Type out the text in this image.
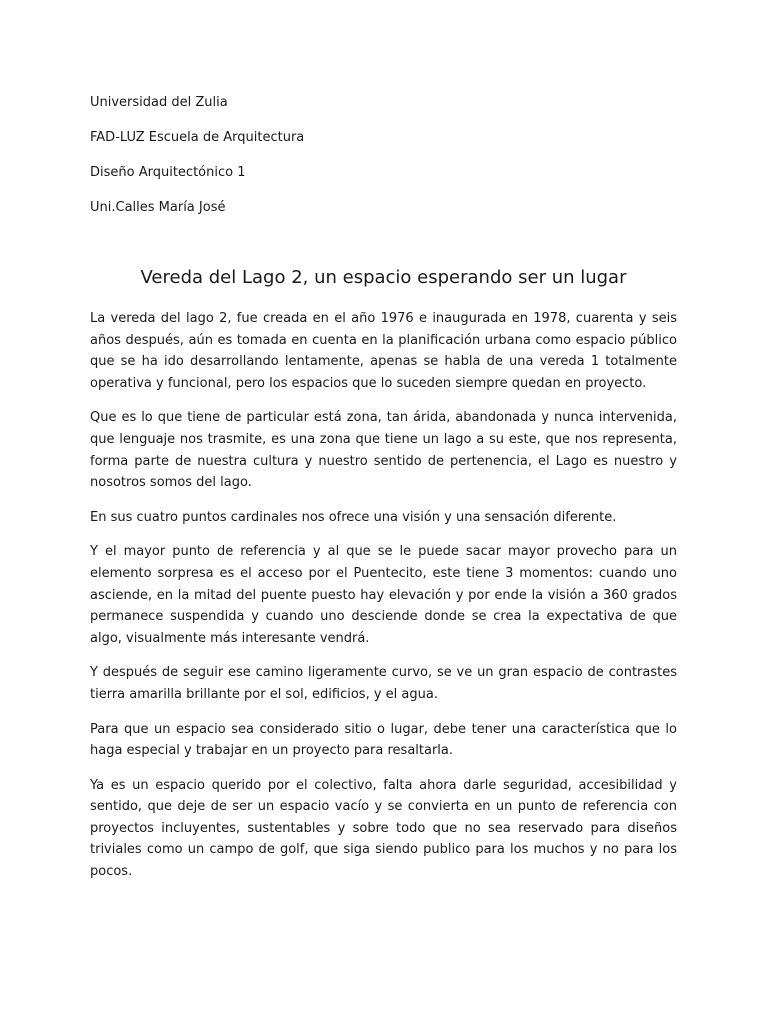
Universidad del Zulia
FAD-LUZ Escuela de Arquitectura
Diseño Arquitectónico 1
Uni.Calles María José
Vereda del Lago 2, un espacio esperando ser un lugar

La vereda del lago 2, fue creada en el año 1976 e inaugurada en 1978, cuarenta y seis años después, aún es tomada en cuenta en la planificación urbana como espacio público que se ha ido desarrollando lentamente, apenas se habla de una vereda 1 totalmente operativa y funcional, pero los espacios que lo suceden siempre quedan en proyecto.

Que es lo que tiene de particular está zona, tan árida, abandonada y nunca intervenida, que lenguaje nos trasmite, es una zona que tiene un lago a su este, que nos representa, forma parte de nuestra cultura y nuestro sentido de pertenencia, el Lago es nuestro y nosotros somos del lago.

En sus cuatro puntos cardinales nos ofrece una visión y una sensación diferente.

Y el mayor punto de referencia y al que se le puede sacar mayor provecho para un elemento sorpresa es el acceso por el Puentecito, este tiene 3 momentos: cuando uno asciende, en la mitad del puente puesto hay elevación y por ende la visión a 360 grados permanece suspendida y cuando uno desciende donde se crea la expectativa de que algo, visualmente más interesante vendrá.

Y después de seguir ese camino ligeramente curvo, se ve un gran espacio de contrastes tierra amarilla brillante por el sol, edificios, y el agua.

Para que un espacio sea considerado sitio o lugar, debe tener una característica que lo haga especial y trabajar en un proyecto para resaltarla.

Ya es un espacio querido por el colectivo, falta ahora darle seguridad, accesibilidad y sentido, que deje de ser un espacio vacío y se convierta en un punto de referencia con proyectos incluyentes, sustentables y sobre todo que no sea reservado para diseños triviales como un campo de golf, que siga siendo publico para los muchos y no para los pocos.
